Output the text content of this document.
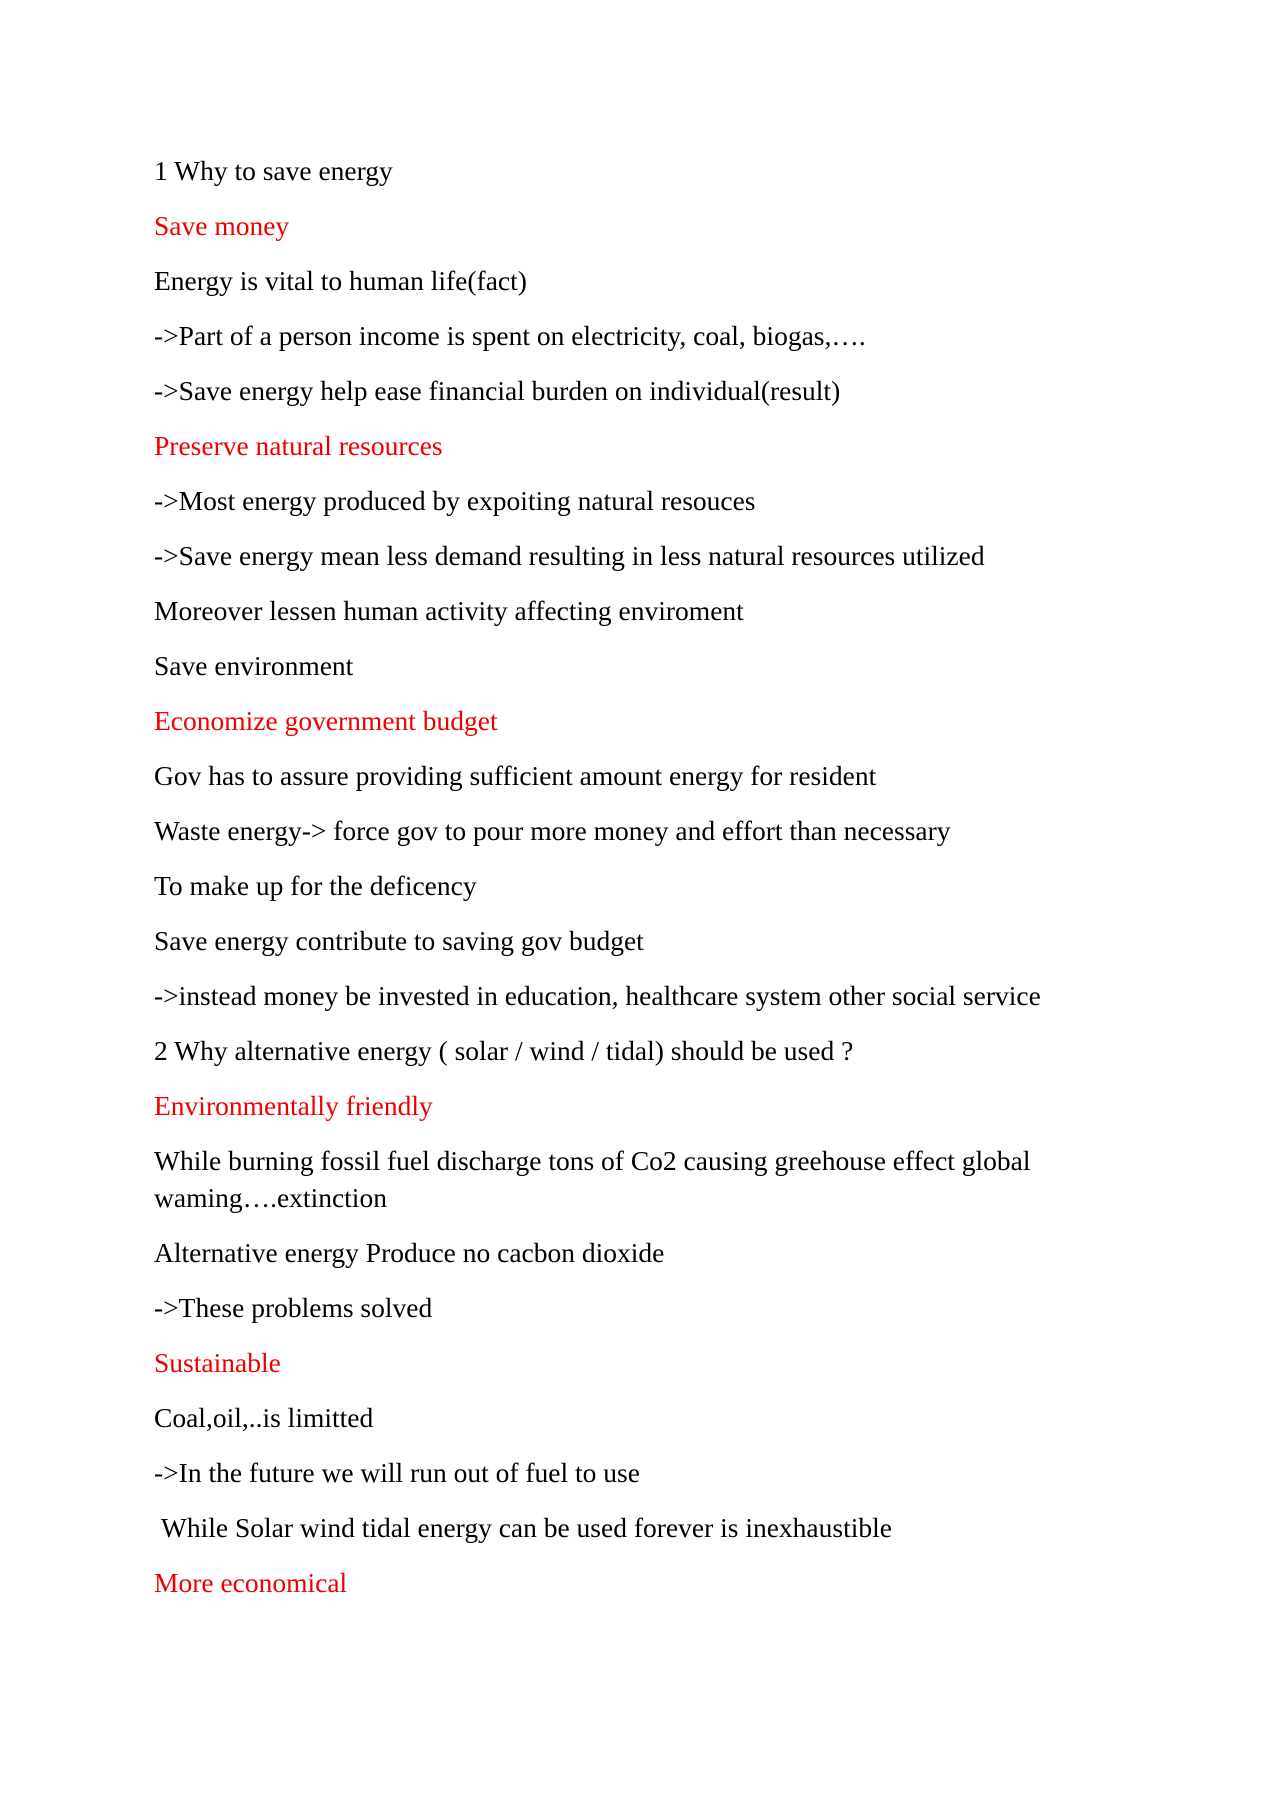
1 Why to save energy

Save money

Energy is vital to human life(fact)

->Part of a person income is spent on electricity, coal, biogas,….

->Save energy help ease financial burden on individual(result)

Preserve natural resources

->Most energy produced by expoiting natural resouces

->Save energy mean less demand resulting in less natural resources utilized

Moreover lessen human activity affecting enviroment

Save environment

Economize government budget

Gov has to assure providing sufficient amount energy for resident

Waste energy-> force gov to pour more money and effort than necessary

To make up for the deficency

Save energy contribute to saving gov budget

->instead money be invested in education, healthcare system other social service

2 Why alternative energy ( solar / wind / tidal) should be used ?

Environmentally friendly

While burning fossil fuel discharge tons of Co2 causing greehouse effect global waming….extinction

Alternative energy Produce no cacbon dioxide

->These problems solved

Sustainable

Coal,oil,..is limitted

->In the future we will run out of fuel to use

While Solar wind tidal energy can be used forever is inexhaustible

More economical
